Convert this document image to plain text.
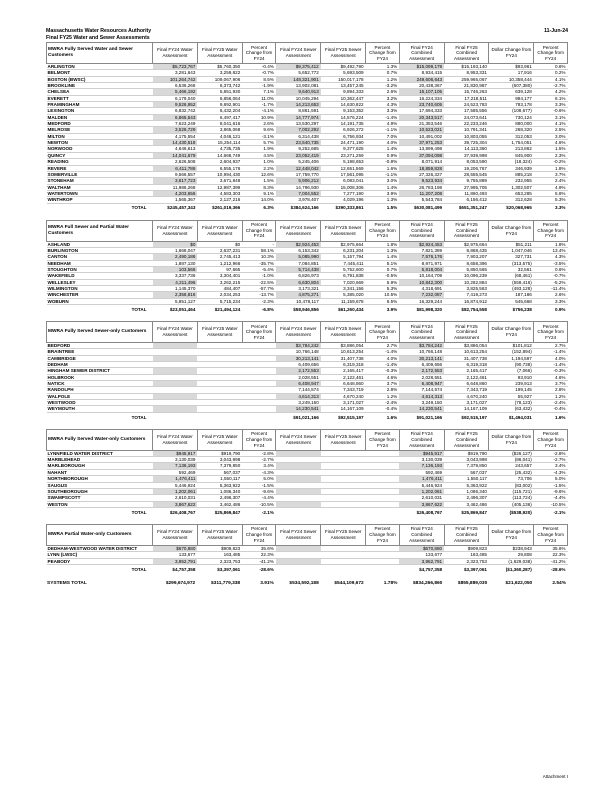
Massachusetts Water Resources Authority
Final FY25 Water and Sewer Assessments
11-Jun-24
MWRA Fully Served Water and Sewer Customers	Final FY24 Water Assessment	Final FY25 Water Assessment	Percent Change from FY24	Final FY24 Sewer Assessment	Final FY25 Sewer Assessment	Percent Change from FY24	Final FY24 Combined Assessment	Final FY25 Combined Assessment	Dollar Change from FY24	Percent Change from FY24
ARLINGTON	$5,723,767	$5,760,350	-0.4%	$9,375,412	$9,492,790	1.3%	$15,099,179	$15,193,140	$93,961	0.6%
BELMONT	3,281,643	3,259,822	-0.7%	5,652,772	5,693,509	0.7%	8,934,415	8,953,331	17,916	0.2%
BOSTON (BWSC)	101,264,742	109,067,906	8.5%	148,321,901	150,017,178	1.2%	249,606,643	259,965,067	10,358,444	4.1%
BROOKLINE	6,536,266	6,373,742	-1.9%	13,902,081	13,457,245	-3.2%	20,438,367	21,830,987	(607,380)	-2.7%
CHELSEA	5,466,192	5,851,930	7.1%	9,640,913	9,894,333	2.6%	15,107,105	15,746,263	639,128	4.2%
EVERETT	6,179,040	6,856,064	11.0%	10,045,294	10,362,447	3.2%	16,224,334	17,218,511	994,177	6.1%
FRAMINGHAM	9,526,952	9,892,901	-1.7%	14,213,653	14,630,822	4.3%	23,740,605	24,523,783	783,178	3.3%
LEXINGTON	6,832,742	6,432,204	-4.1%	8,861,591	9,153,352	3.3%	17,694,333	17,585,556	(108,677)	-0.6%
MALDEN	6,865,543	6,497,417	10.9%	14,777,974	14,576,224	-1.4%	20,343,517	24,073,641	730,124	3.1%
MEDFORD	7,623,249	8,041,616	2.6%	13,530,297	14,191,735	4.9%	21,353,546	22,233,246	880,000	4.1%
MELROSE	3,526,729	3,865,068	9.6%	7,002,292	6,926,272	-1.1%	10,523,021	10,791,341	268,320	2.5%
MILTON	4,175,554	4,046,121	-3.1%	6,314,438	6,756,934	7.0%	10,491,002	10,803,055	312,053	3.0%
NEWTON	14,430,518	15,254,114	5.7%	23,540,735	24,471,190	4.0%	37,971,253	39,725,304	1,754,051	4.6%
NORWOOD	4,646,613	4,735,735	1.9%	9,252,685	9,377,625	1.4%	13,899,498	14,113,360	213,862	1.5%
QUINCY	14,041,679	14,668,749	4.5%	23,052,419	23,271,259	0.9%	37,094,098	37,939,998	845,900	2.3%
READING	2,626,508	2,604,937	1.0%	5,245,406	5,198,653	-0.8%	8,071,914	8,053,590	(18,324)	-0.2%
REVERE	6,411,786	6,555,176	2.2%	12,448,042	12,651,569	1.6%	18,859,828	19,206,767	346,939	1.8%
SOMERVILLE	9,566,557	10,994,430	12.6%	17,759,770	17,561,095	-1.1%	27,326,327	28,555,545	885,218	3.7%
STONEHAM	3,617,723	3,671,848	1.5%	5,906,212	6,083,041	3.0%	9,523,934	9,755,889	232,955	2.4%
WALTHAM	11,986,268	12,987,399	8.3%	14,796,930	15,008,306	1.4%	26,783,198	27,995,705	1,302,507	4.9%
WATERTOWN	4,203,656	4,583,303	9.1%	7,004,552	7,277,190	3.9%	11,207,208	11,860,493	653,285	5.8%
WINTHROP	1,565,367	2,127,216	14.0%	3,978,407	4,029,196	1.3%	5,543,784	6,156,412	312,628	5.3%
TOTAL	$245,457,343	$261,019,366	6.3%	$384,624,166	$390,333,861	1.5%	$630,081,499	$651,351,247	$20,068,965	3.3%
MWRA Full Sewer and Partial Water Customers	Final FY24 Water Assessment	Final FY25 Water Assessment	Percent Change from FY24	Final FY24 Sewer Assessment	Final FY25 Sewer Assessment	Percent Change from FY24	Final FY24 Combined Assessment	Final FY25 Combined Assessment	Dollar Change from FY24	Percent Change from FY24
ASHLAND	$0	$0	-	$2,924,453	$2,975,664	1.8%	$2,924,453	$2,975,664	$51,211	1.8%
BURLINGTON	1,668,047	2,637,231	58.1%	6,153,342	6,231,204	1.3%	7,821,389	8,868,435	1,047,046	13.4%
CANTON	2,490,186	2,745,413	10.3%	5,085,990	5,157,794	1.4%	7,576,176	7,903,207	327,731	4.3%
NEEDHAM	1,887,130	1,212,966	-35.7%	7,084,851	7,445,411	5.1%	8,971,971	8,658,396	(313,575)	-3.5%
STOUGHTON	103,566	97,665	-5.4%	5,714,438	5,752,600	0.7%	5,818,004	5,850,565	32,561	0.6%
WAKEFIELD	3,337,736	3,304,401	-1.0%	6,826,973	6,791,838	-0.5%	10,164,709	10,096,239	(68,461)	-0.7%
WELLESLEY	4,211,496	3,262,215	-22.5%	6,630,804	7,020,669	5.9%	10,842,300	10,282,884	(559,416)	-5.2%
WILMINGTON	1,145,370	484,407	-57.7%	3,173,321	3,341,156	5.3%	4,318,691	3,825,563	(493,128)	-11.4%
WINCHESTER	2,356,816	2,034,253	-13.7%	4,875,271	5,385,020	10.5%	7,232,087	7,419,273	187,186	2.6%
WOBURN	5,851,127	5,715,234	-2.3%	10,478,117	11,159,678	6.5%	16,329,244	16,874,912	545,668	3.3%
TOTAL	$23,051,464	$21,494,124	-6.8%	$58,946,856	$61,260,434	3.9%	$81,998,320	$82,754,558	$756,238	0.9%
MWRA Fully Served Sewer-only Customers	Final FY24 Water Assessment	Final FY25 Water Assessment	Percent Change from FY24	Final FY24 Sewer Assessment	Final FY25 Sewer Assessment	Percent Change from FY24	Final FY24 Combined Assessment	Final FY25 Combined Assessment	Dollar Change from FY24	Percent Change from FY24
BEDFORD				$3,784,242	$3,886,054	2.7%	$3,784,242	$3,886,054	$101,812	2.7%
BRAINTREE				10,766,148	10,613,254	-1.4%	10,766,148	10,613,254	(152,894)	-1.4%
CAMBRIDGE				30,213,141	31,407,738	4.0%	30,213,141	31,407,738	1,194,597	4.0%
DEDHAM				6,409,656	6,319,318	-1.4%	6,409,656	6,319,318	(90,738)	-1.4%
HINGHAM SEWER DISTRICT				2,172,553	2,165,417	-0.3%	2,172,553	2,165,417	(7,066)	-0.3%
HOLBROOK				2,028,551	2,122,461	4.6%	2,028,551	2,122,461	93,910	4.6%
NATICK				6,408,947	6,648,860	3.7%	6,408,947	6,648,860	239,913	3.7%
RANDOLPH				7,144,574	7,343,719	2.8%	7,144,574	7,343,719	199,145	2.8%
WALPOLE				4,614,313	4,670,240	1.2%	4,614,313	4,670,240	55,927	1.2%
WESTWOOD				3,249,150	3,171,027	-2.4%	3,249,150	3,171,027	(78,123)	-2.4%
WEYMOUTH				14,230,541	14,167,109	-0.4%	14,230,541	14,167,109	(63,432)	-0.4%
TOTAL				$91,021,166	$92,515,197	1.6%	$91,021,166	$92,515,197	$1,494,031	1.6%
MWRA Fully Served Water-only Customers	Final FY24 Water Assessment	Final FY25 Water Assessment	Percent Change from FY24	Final FY24 Sewer Assessment	Final FY25 Sewer Assessment	Percent Change from FY24	Final FY24 Combined Assessment	Final FY25 Combined Assessment	Dollar Change from FY24	Percent Change from FY24
LYNNFIELD WATER DISTRICT	$945,917	$919,790	-2.8%				$945,917	$919,790	($26,127)	-2.8%
MARBLEHEAD	3,130,039	3,043,998	-2.7%				3,130,039	3,043,998	(86,041)	-2.7%
MARLBOROUGH	7,136,193	7,379,850	3.4%				7,136,193	7,379,850	243,657	3.4%
NAHANT	592,469	567,037	-4.3%				592,469	567,037	(25,432)	-4.3%
NORTHBOROUGH	1,476,411	1,550,117	5.0%				1,476,411	1,550,117	73,706	5.0%
SAUGUS	5,446,924	5,363,922	-1.5%				5,446,924	5,363,922	(83,002)	-1.5%
SOUTHBOROUGH	1,202,061	1,086,340	-9.6%				1,202,061	1,086,340	(115,721)	-9.6%
SWAMPSCOTT	2,610,031	2,496,307	-4.4%				2,610,031	2,496,307	(113,724)	-4.4%
WESTON	3,867,622	3,462,486	-10.5%				3,867,622	3,462,486	(405,136)	-10.5%
TOTAL	$26,408,767	$25,869,847	-2.1%				$26,408,767	$25,869,847	($538,920)	-2.1%
MWRA Partial Water-only Customers	Final FY24 Water Assessment	Final FY25 Water Assessment	Percent Change from FY24	Final FY24 Sewer Assessment	Final FY25 Sewer Assessment	Percent Change from FY24	Final FY24 Combined Assessment	Final FY25 Combined Assessment	Dollar Change from FY24	Percent Change from FY24
DEDHAM-WESTWOOD WATER DISTRICT	$670,880	$909,823	35.6%				$670,880	$909,823	$238,943	35.6%
LYNN (LWSC)	133,677	163,485	22.3%				133,677	163,485	29,808	22.3%
PEABODY	3,952,791	2,323,753	-41.2%				3,952,791	2,323,753	(1,629,038)	-41.2%
TOTAL	$4,757,358	$3,397,061	-28.6%				$4,757,358	$3,397,061	($1,360,287)	-28.6%
SYSTEMS TOTAL	$299,674,972	$311,779,338	3.91%	$534,592,188	$544,109,672	1.78%	$834,266,860	$855,889,030	$21,622,050	2.54%
Attachment I
